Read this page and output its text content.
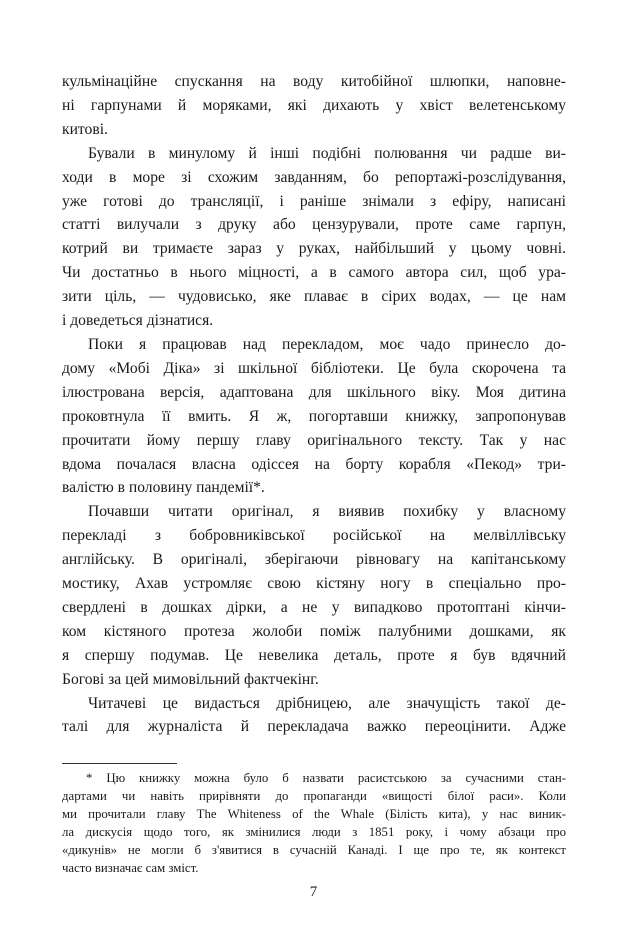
кульмінаційне спускання на воду китобійної шлюпки, наповне-
ні гарпунами й моряками, які дихають у хвіст велетенському
китові.

Бували в минулому й інші подібні полювання чи радше ви-
ходи в море зі схожим завданням, бо репортажі-розслідування,
уже готові до трансляції, і раніше знімали з ефіру, написані
статті вилучали з друку або цензурували, проте саме гарпун,
котрий ви тримаєте зараз у руках, найбільший у цьому човні.
Чи достатньо в нього міцності, а в самого автора сил, щоб ура-
зити ціль, — чудовисько, яке плаває в сірих водах, — це нам
і доведеться дізнатися.

Поки я працював над перекладом, моє чадо принесло до-
дому «Мобі Діка» зі шкільної бібліотеки. Це була скорочена та
ілюстрована версія, адаптована для шкільного віку. Моя дитина
проковтнула її вмить. Я ж, погортавши книжку, запропонував
прочитати йому першу главу оригінального тексту. Так у нас
вдома почалася власна одіссея на борту корабля «Пекод» три-
валістю в половину пандемії*.

Почавши читати оригінал, я виявив похибку у власному
перекладі з бобровниківської російської на мелвіллівську
англійську. В оригіналі, зберігаючи рівновагу на капітанському
мостику, Ахав устромляє свою кістяну ногу в спеціально про-
свердлені в дошках дірки, а не у випадково протоптані кінчи-
ком кістяного протеза жолоби поміж палубними дошками, як
я спершу подумав. Це невелика деталь, проте я був вдячний
Богові за цей мимовільний фактчекінг.

Читачеві це видасться дрібницею, але значущість такої де-
талі для журналіста й перекладача важко переоцінити. Адже

* Цю книжку можна було б назвати расистською за сучасними стан-
дартами чи навіть прирівняти до пропаганди «вищості білої раси». Коли
ми прочитали главу The Whiteness of the Whale (Білість кита), у нас виник-
ла дискусія щодо того, як змінилися люди з 1851 року, і чому абзаци про
«дикунів» не могли б з'явитися в сучасній Канаді. І ще про те, як контекст
часто визначає сам зміст.
7
